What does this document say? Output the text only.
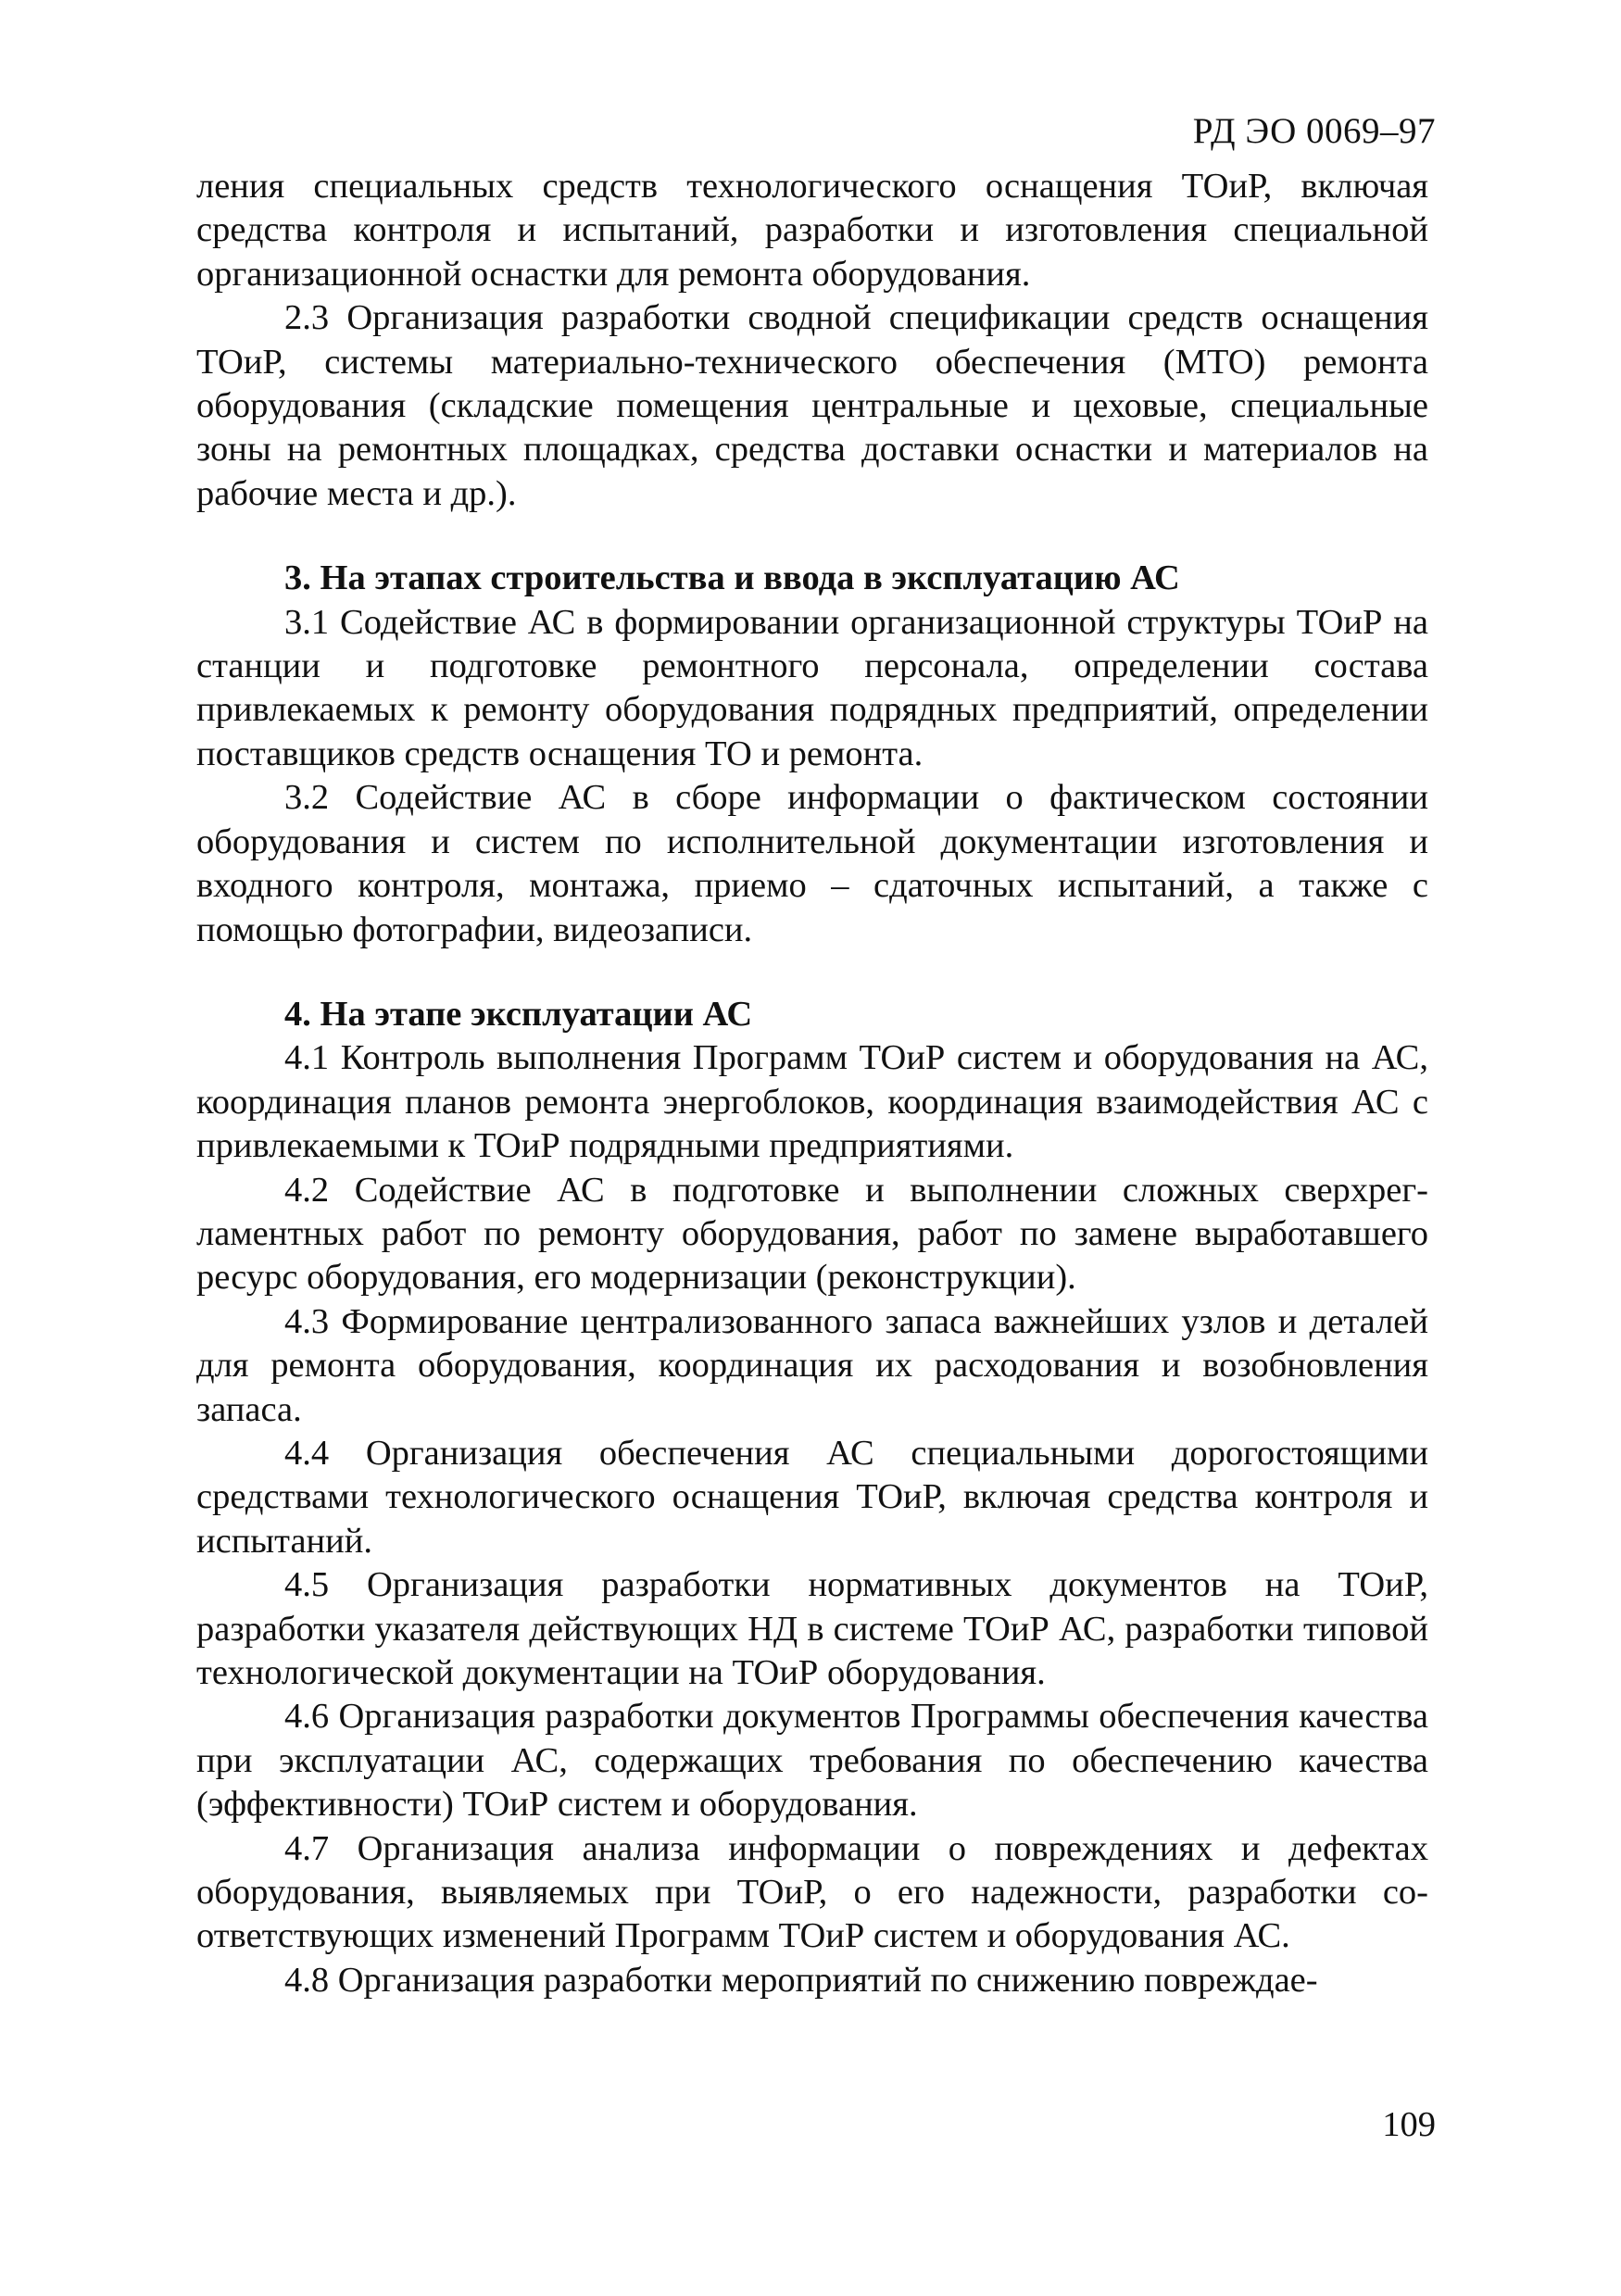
РД ЭО 0069–97

ления специальных средств технологического оснащения ТОиР, включая средства контроля и испытаний, разработки и изготовления специальной организационной оснастки для ремонта оборудования.

2.3 Организация разработки сводной спецификации средств оснащения ТОиР, системы материально-технического обеспечения (МТО) ремонта оборудования (складские помещения центральные и цеховые, специальные зоны на ремонтных площадках, средства доставки оснастки и материалов на рабочие места и др.).

3. На этапах строительства и ввода в эксплуатацию АС

3.1 Содействие АС в формировании организационной структуры ТОиР на станции и подготовке ремонтного персонала, определении состава привлекаемых к ремонту оборудования подрядных предприятий, определении поставщиков средств оснащения ТО и ремонта.

3.2 Содействие АС в сборе информации о фактическом состоянии оборудования и систем по исполнительной документации изготовления и входного контроля, монтажа, приемо – сдаточных испытаний, а также с помощью фотографии, видеозаписи.

4. На этапе эксплуатации АС

4.1 Контроль выполнения Программ ТОиР систем и оборудования на АС, координация планов ремонта энергоблоков, координация взаимодействия АС с привлекаемыми к ТОиР подрядными предприятиями.

4.2 Содействие АС в подготовке и выполнении сложных сверхрегламентных работ по ремонту оборудования, работ по замене выработавшего ресурс оборудования, его модернизации (реконструкции).

4.3 Формирование централизованного запаса важнейших узлов и деталей для ремонта оборудования, координация их расходования и возобновления запаса.

4.4 Организация обеспечения АС специальными дорогостоящими средствами технологического оснащения ТОиР, включая средства контроля и испытаний.

4.5 Организация разработки нормативных документов на ТОиР, разработки указателя действующих НД в системе ТОиР АС, разработки типовой технологической документации на ТОиР оборудования.

4.6 Организация разработки документов Программы обеспечения качества при эксплуатации АС, содержащих требования по обеспечению качества (эффективности) ТОиР систем и оборудования.

4.7 Организация анализа информации о повреждениях и дефектах оборудования, выявляемых при ТОиР, о его надежности, разработки соответствующих изменений Программ ТОиР систем и оборудования АС.

4.8 Организация разработки мероприятий по снижению повреждае-

109
